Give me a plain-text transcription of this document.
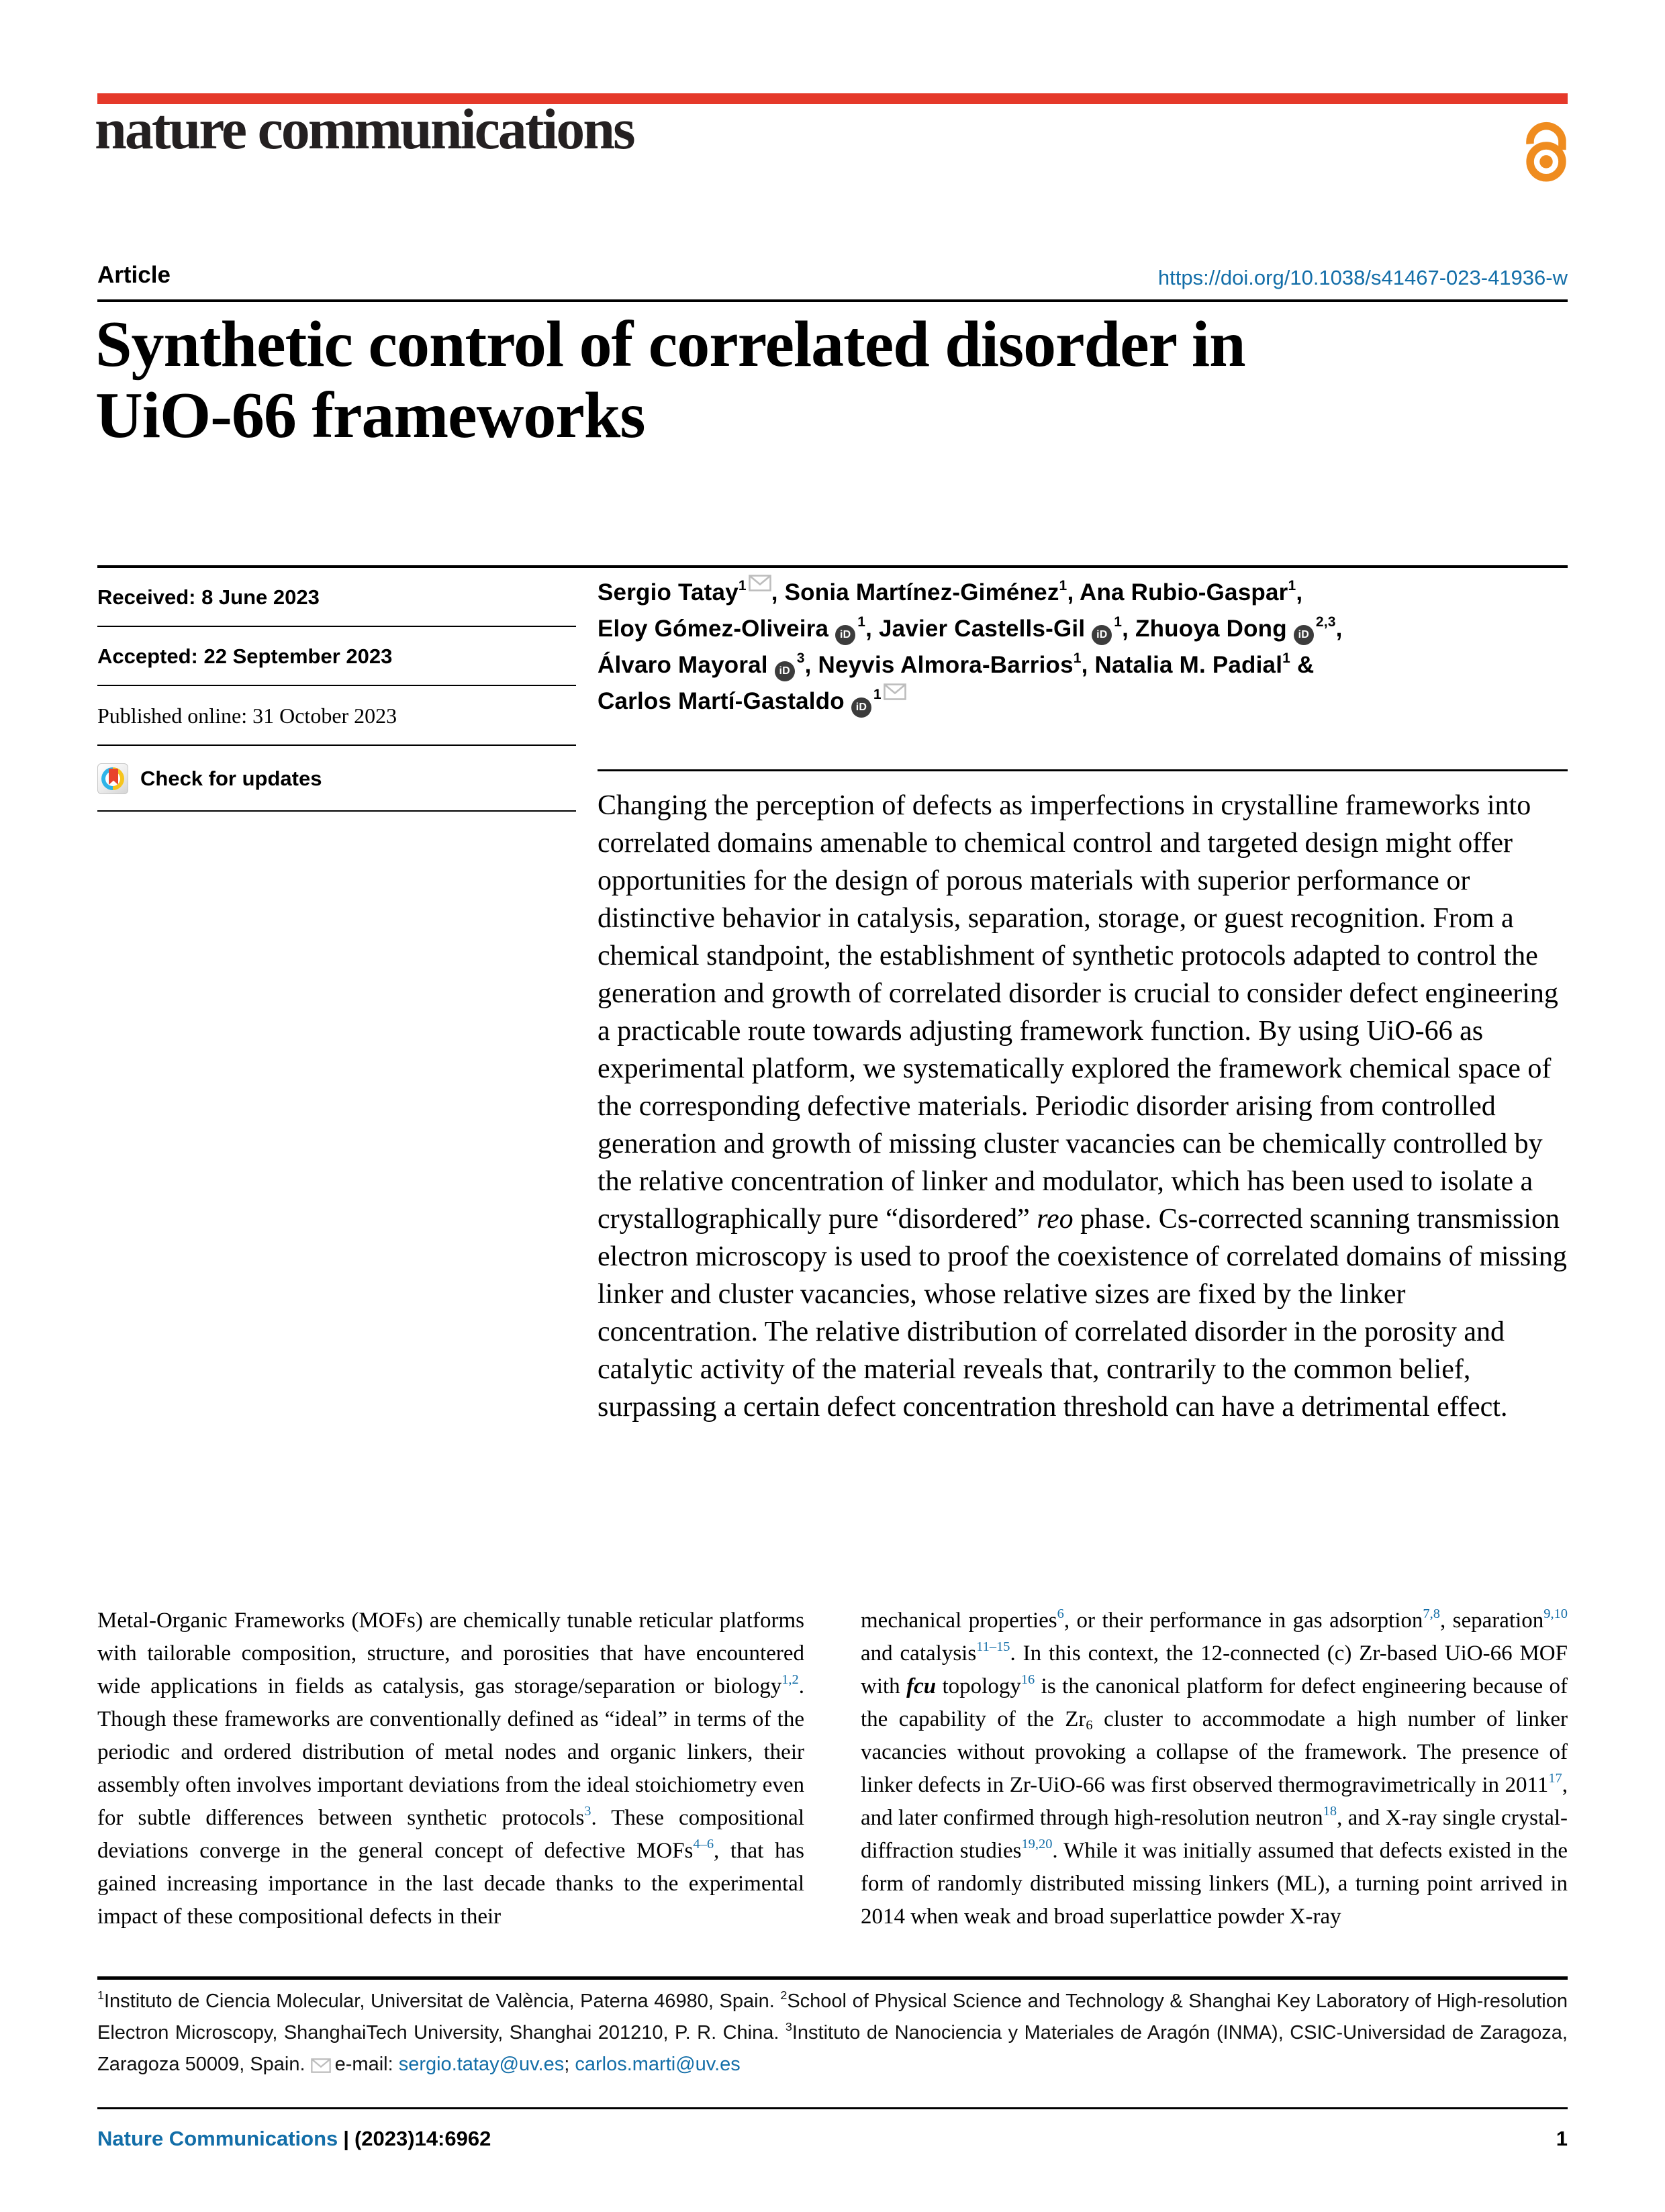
nature communications
Article	https://doi.org/10.1038/s41467-023-41936-w
Synthetic control of correlated disorder in
UiO-66 frameworks
Received: 8 June 2023
Accepted: 22 September 2023
Published online: 31 October 2023
Check for updates
Sergio Tatay$^1$ , Sonia Martínez-Giménez$^1$, Ana Rubio-Gaspar$^1$,
Eloy Gómez-Oliveira $iD^1$, Javier Castells-Gil $iD^1$, Zhuoya Dong iD$^{2,3}$,
Álvaro Mayoral $iD^3$, Neyvis Almora-Barrios$^1$, Natalia M. Padial$^1$ &
Carlos Martí-Gastaldo $iD^1$
Changing the perception of defects as imperfections in crystalline frameworks into correlated domains amenable to chemical control and targeted design might offer opportunities for the design of porous materials with superior performance or distinctive behavior in catalysis, separation, storage, or guest recognition. From a chemical standpoint, the establishment of synthetic protocols adapted to control the generation and growth of correlated disorder is crucial to consider defect engineering a practicable route towards adjusting framework function. By using UiO-66 as experimental platform, we systematically explored the framework chemical space of the corresponding defective materials. Periodic disorder arising from controlled generation and growth of missing cluster vacancies can be chemically controlled by the relative concentration of linker and modulator, which has been used to isolate a crystallographically pure “disordered” reo phase. Cs-corrected scanning transmission electron microscopy is used to proof the coexistence of correlated domains of missing linker and cluster vacancies, whose relative sizes are fixed by the linker concentration. The relative distribution of correlated disorder in the porosity and catalytic activity of the material reveals that, contrarily to the common belief, surpassing a certain defect concentration threshold can have a detrimental effect.
Metal-Organic Frameworks (MOFs) are chemically tunable reticular platforms with tailorable composition, structure, and porosities that have encountered wide applications in fields as catalysis, gas storage/separation or biology$^{1,2}$. Though these frameworks are conventionally defined as “ideal” in terms of the periodic and ordered distribution of metal nodes and organic linkers, their assembly often involves important deviations from the ideal stoichiometry even for subtle differences between synthetic protocols$^3$. These compositional deviations converge in the general concept of defective MOFs$^{4-6}$, that has gained increasing importance in the last decade thanks to the experimental impact of these compositional defects in their
mechanical properties$^6$, or their performance in gas adsorption$^{7,8}$, separation$^{9,10}$ and catalysis$^{11-15}$. In this context, the 12-connected (c) Zr-based UiO-66 MOF with fcu topology$^{16}$ is the canonical platform for defect engineering because of the capability of the $Zr_6$ cluster to accommodate a high number of linker vacancies without provoking a collapse of the framework. The presence of linker defects in Zr-UiO-66 was first observed thermogravimetrically in 2011$^{17}$, and later confirmed through high-resolution neutron$^{18}$, and X-ray single crystal-diffraction studies$^{19,20}$. While it was initially assumed that defects existed in the form of randomly distributed missing linkers (ML), a turning point arrived in 2014 when weak and broad superlattice powder X-ray
$^1$Instituto de Ciencia Molecular, Universitat de València, Paterna 46980, Spain. $^2$School of Physical Science and Technology & Shanghai Key Laboratory of High-resolution Electron Microscopy, ShanghaiTech University, Shanghai 201210, P. R. China. $^3$Instituto de Nanociencia y Materiales de Aragón (INMA), CSIC-Universidad de Zaragoza, Zaragoza 50009, Spain. e-mail: sergio.tatay@uv.es; carlos.marti@uv.es
Nature Communications | (2023)14:6962	1
